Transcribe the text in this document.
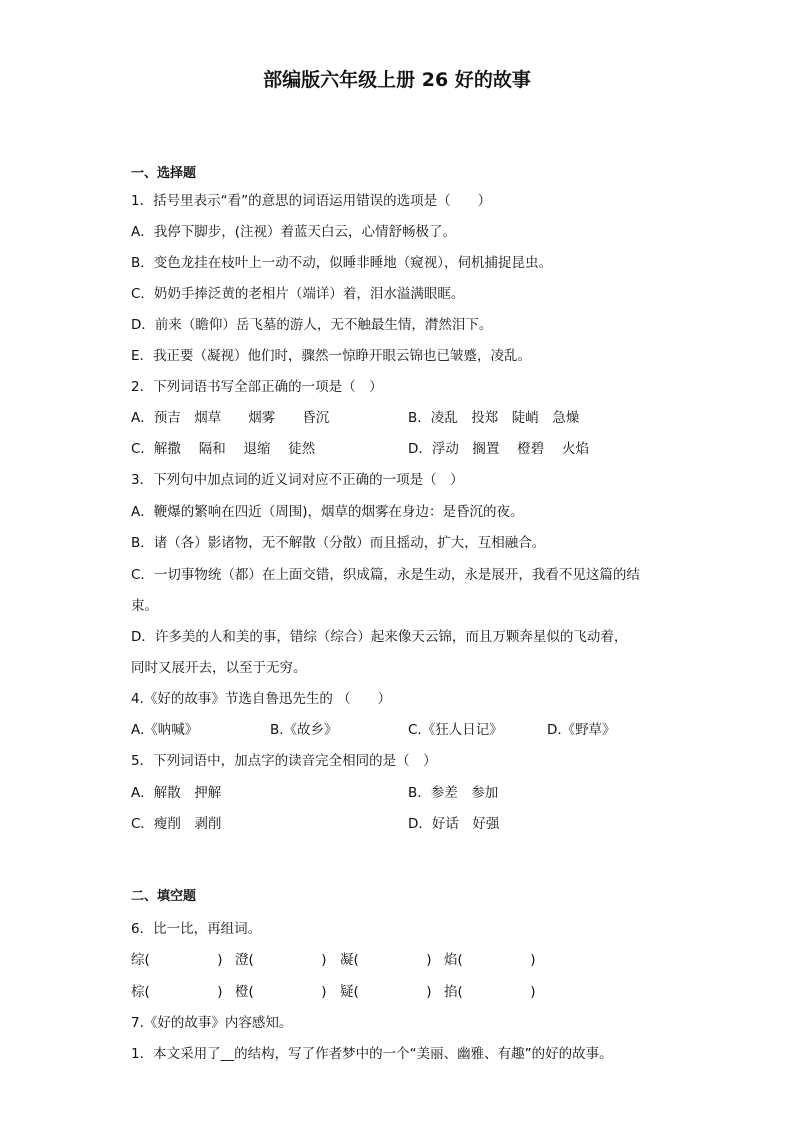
部编版六年级上册 26 好的故事
一、选择题
1．括号里表示“看”的意思的词语运用错误的选项是（　　）
A．我停下脚步，(注视）着蓝天白云，心情舒畅极了。
B．变色龙挂在枝叶上一动不动，似睡非睡地（窥视），伺机捕捉昆虫。
C．奶奶手捧泛黄的老相片（端详）着，泪水溢满眼眶。
D．前来（瞻仰）岳飞墓的游人，无不触最生情，潸然泪下。
E．我正要（凝视）他们时，骤然一惊睁开眼云锦也已皱蹙，凌乱。
2．下列词语书写全部正确的一项是（　）
A．预吉　烟草　　烟雾　　昏沉	B．凌乱　投郑　陡峭　急燥
C．解撒　 隔和　 退缩　 徒然	D．浮动　搁置　 橙碧　 火焰
3．下列句中加点词的近义词对应不正确的一项是（　）
A．鞭爆的繁响在四近（周围)，烟草的烟雾在身边：是昏沉的夜。
B．诸（各）影诸物，无不解散（分散）而且摇动，扩大，互相融合。
C．一切事物统（都）在上面交错，织成篇，永是生动，永是展开，我看不见这篇的结
束。
D．许多美的人和美的事，错综（综合）起来像天云锦，而且万颗奔星似的飞动着，
同时又展开去，以至于无穷。
4.《好的故事》节选自鲁迅先生的 （　　）
A.《呐喊》	B.《故乡》	C.《狂人日记》	D.《野草》
5．下列词语中，加点字的读音完全相同的是（　）
A．解散　押解	B．参差　参加
C．瘦削　剥削	D．好话　好强
二、填空题
6．比一比，再组词。
综(　　　　　) 澄(　　　　　) 凝(　　　　　) 焰(　　　　　)
棕(　　　　　) 橙(　　　　　) 疑(　　　　　) 掐(　　　　　)
7.《好的故事》内容感知。
1．本文采用了__的结构，写了作者梦中的一个“美丽、幽雅、有趣”的好的故事。
